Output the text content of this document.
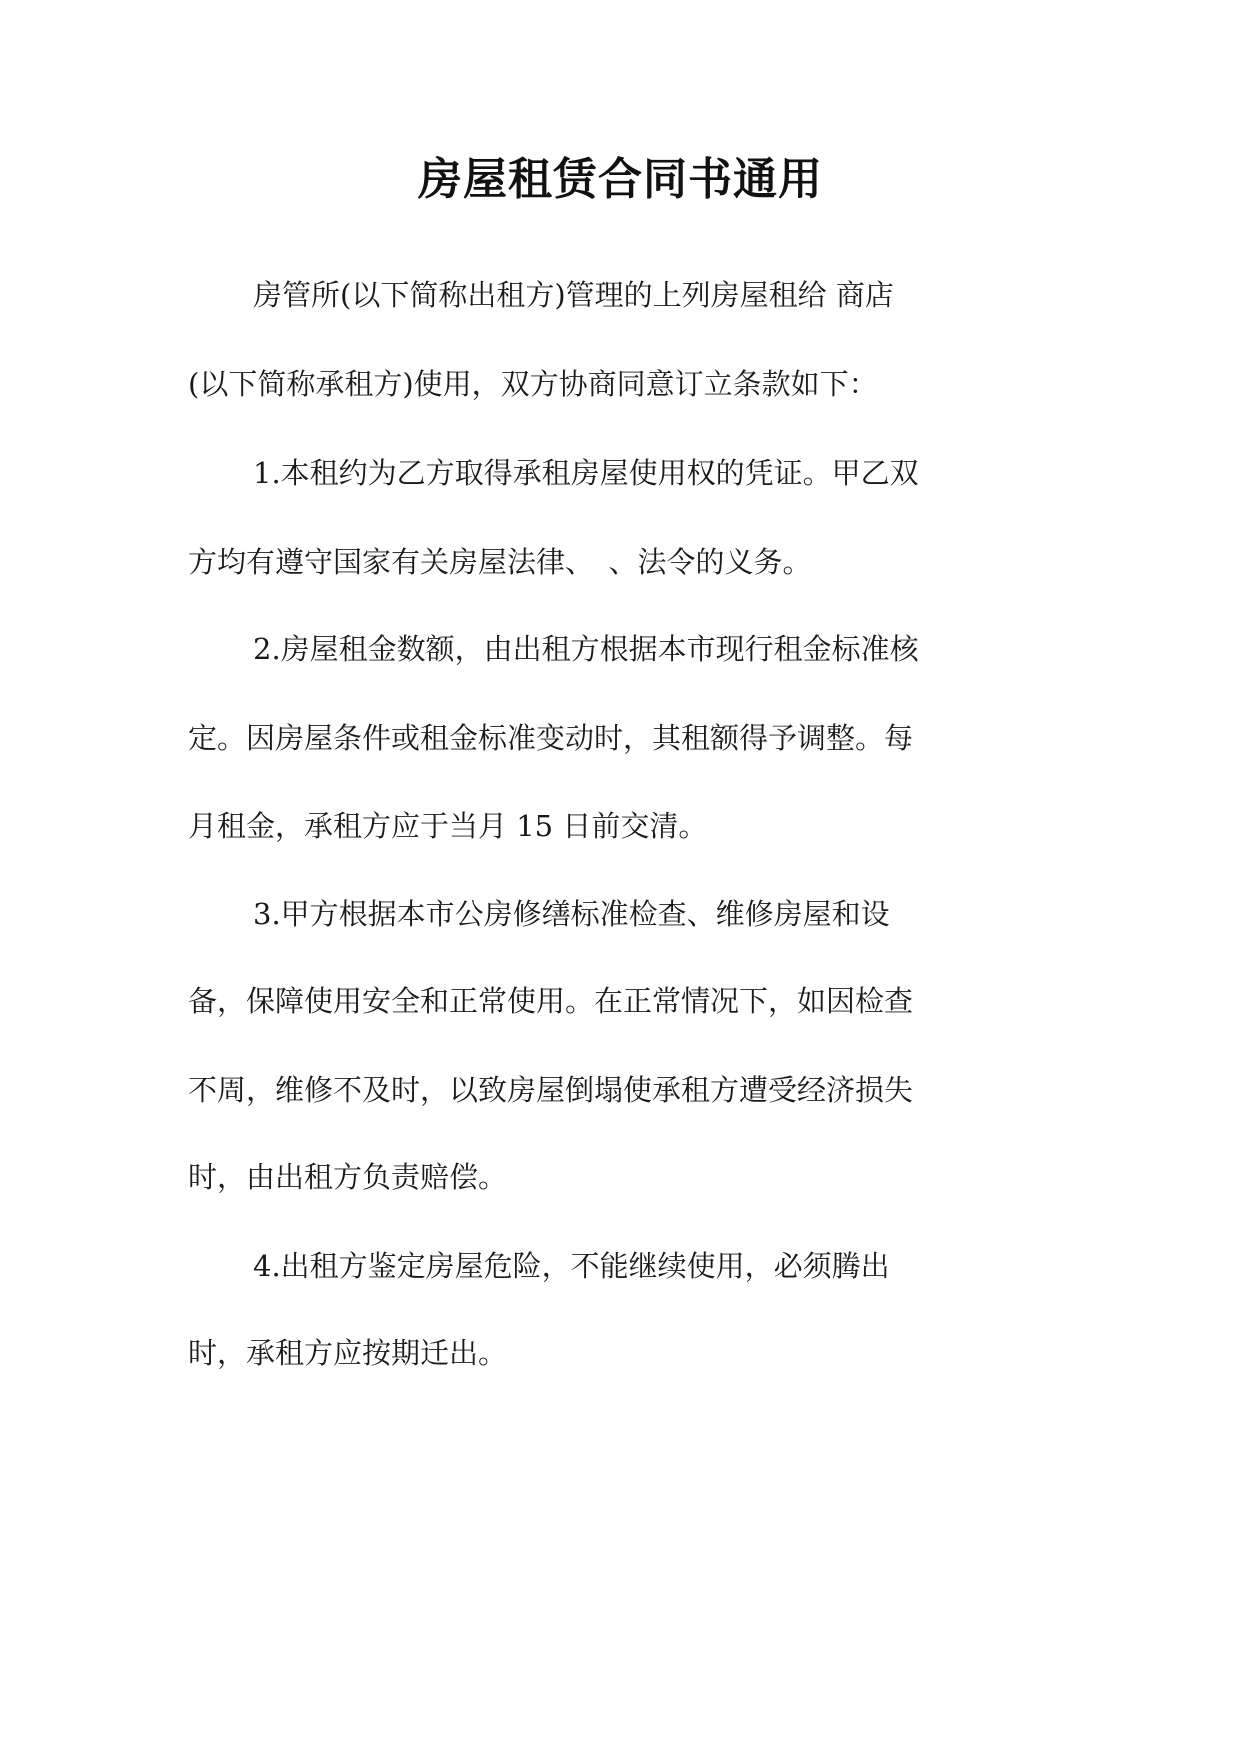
房屋租赁合同书通用
房管所(以下简称出租方)管理的上列房屋租给 商店
(以下简称承租方)使用，双方协商同意订立条款如下：
1.本租约为乙方取得承租房屋使用权的凭证。甲乙双
方均有遵守国家有关房屋法律、　、法令的义务。
2.房屋租金数额，由出租方根据本市现行租金标准核
定。因房屋条件或租金标准变动时，其租额得予调整。每
月租金，承租方应于当月 15 日前交清。
3.甲方根据本市公房修缮标准检查、维修房屋和设
备，保障使用安全和正常使用。在正常情况下，如因检查
不周，维修不及时，以致房屋倒塌使承租方遭受经济损失
时，由出租方负责赔偿。
4.出租方鉴定房屋危险，不能继续使用，必须腾出
时，承租方应按期迁出。
